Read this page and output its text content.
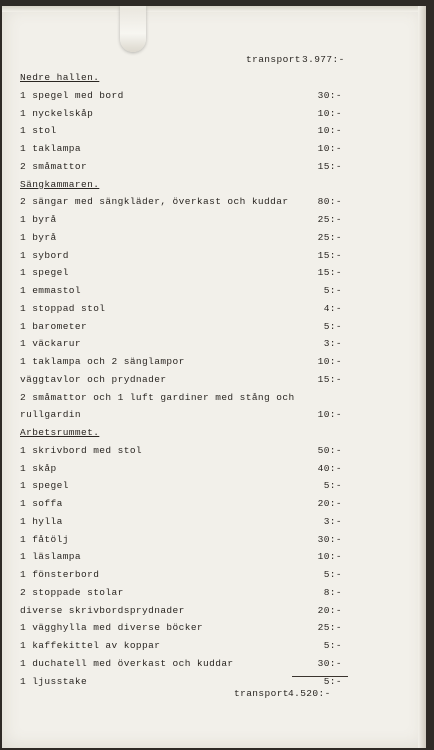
transport 3.977:-
Nedre hallen.
1 spegel med bord	30:-
1 nyckelskåp	10:-
1 stol	10:-
1 taklampa	10:-
2 småmattor	15:-
Sängkammaren.
2 sängar med sängkläder, överkast och kuddar	80:-
1 byrå	25:-
1 byrå	25:-
1 sybord	15:-
1 spegel	15:-
1 emmastol	5:-
1 stoppad stol	4:-
1 barometer	5:-
1 väckarur	3:-
1 taklampa och 2 sänglampor	10:-
väggtavlor och prydnader	15:-
2 småmattor och 1 luft gardiner med stång och
rullgardin	10:-
Arbetsrummet.
1 skrivbord med stol	50:-
1 skåp	40:-
1 spegel	5:-
1 soffa	20:-
1 hylla	3:-
1 fåtölj	30:-
1 läslampa	10:-
1 fönsterbord	5:-
2 stoppade stolar	8:-
diverse skrivbordsprydnader	20:-
1 vägghylla med diverse böcker	25:-
1 kaffekittel av koppar	5:-
1 duchatell med överkast och kuddar	30:-
1 ljusstake	5:-
transport 4.520:-
